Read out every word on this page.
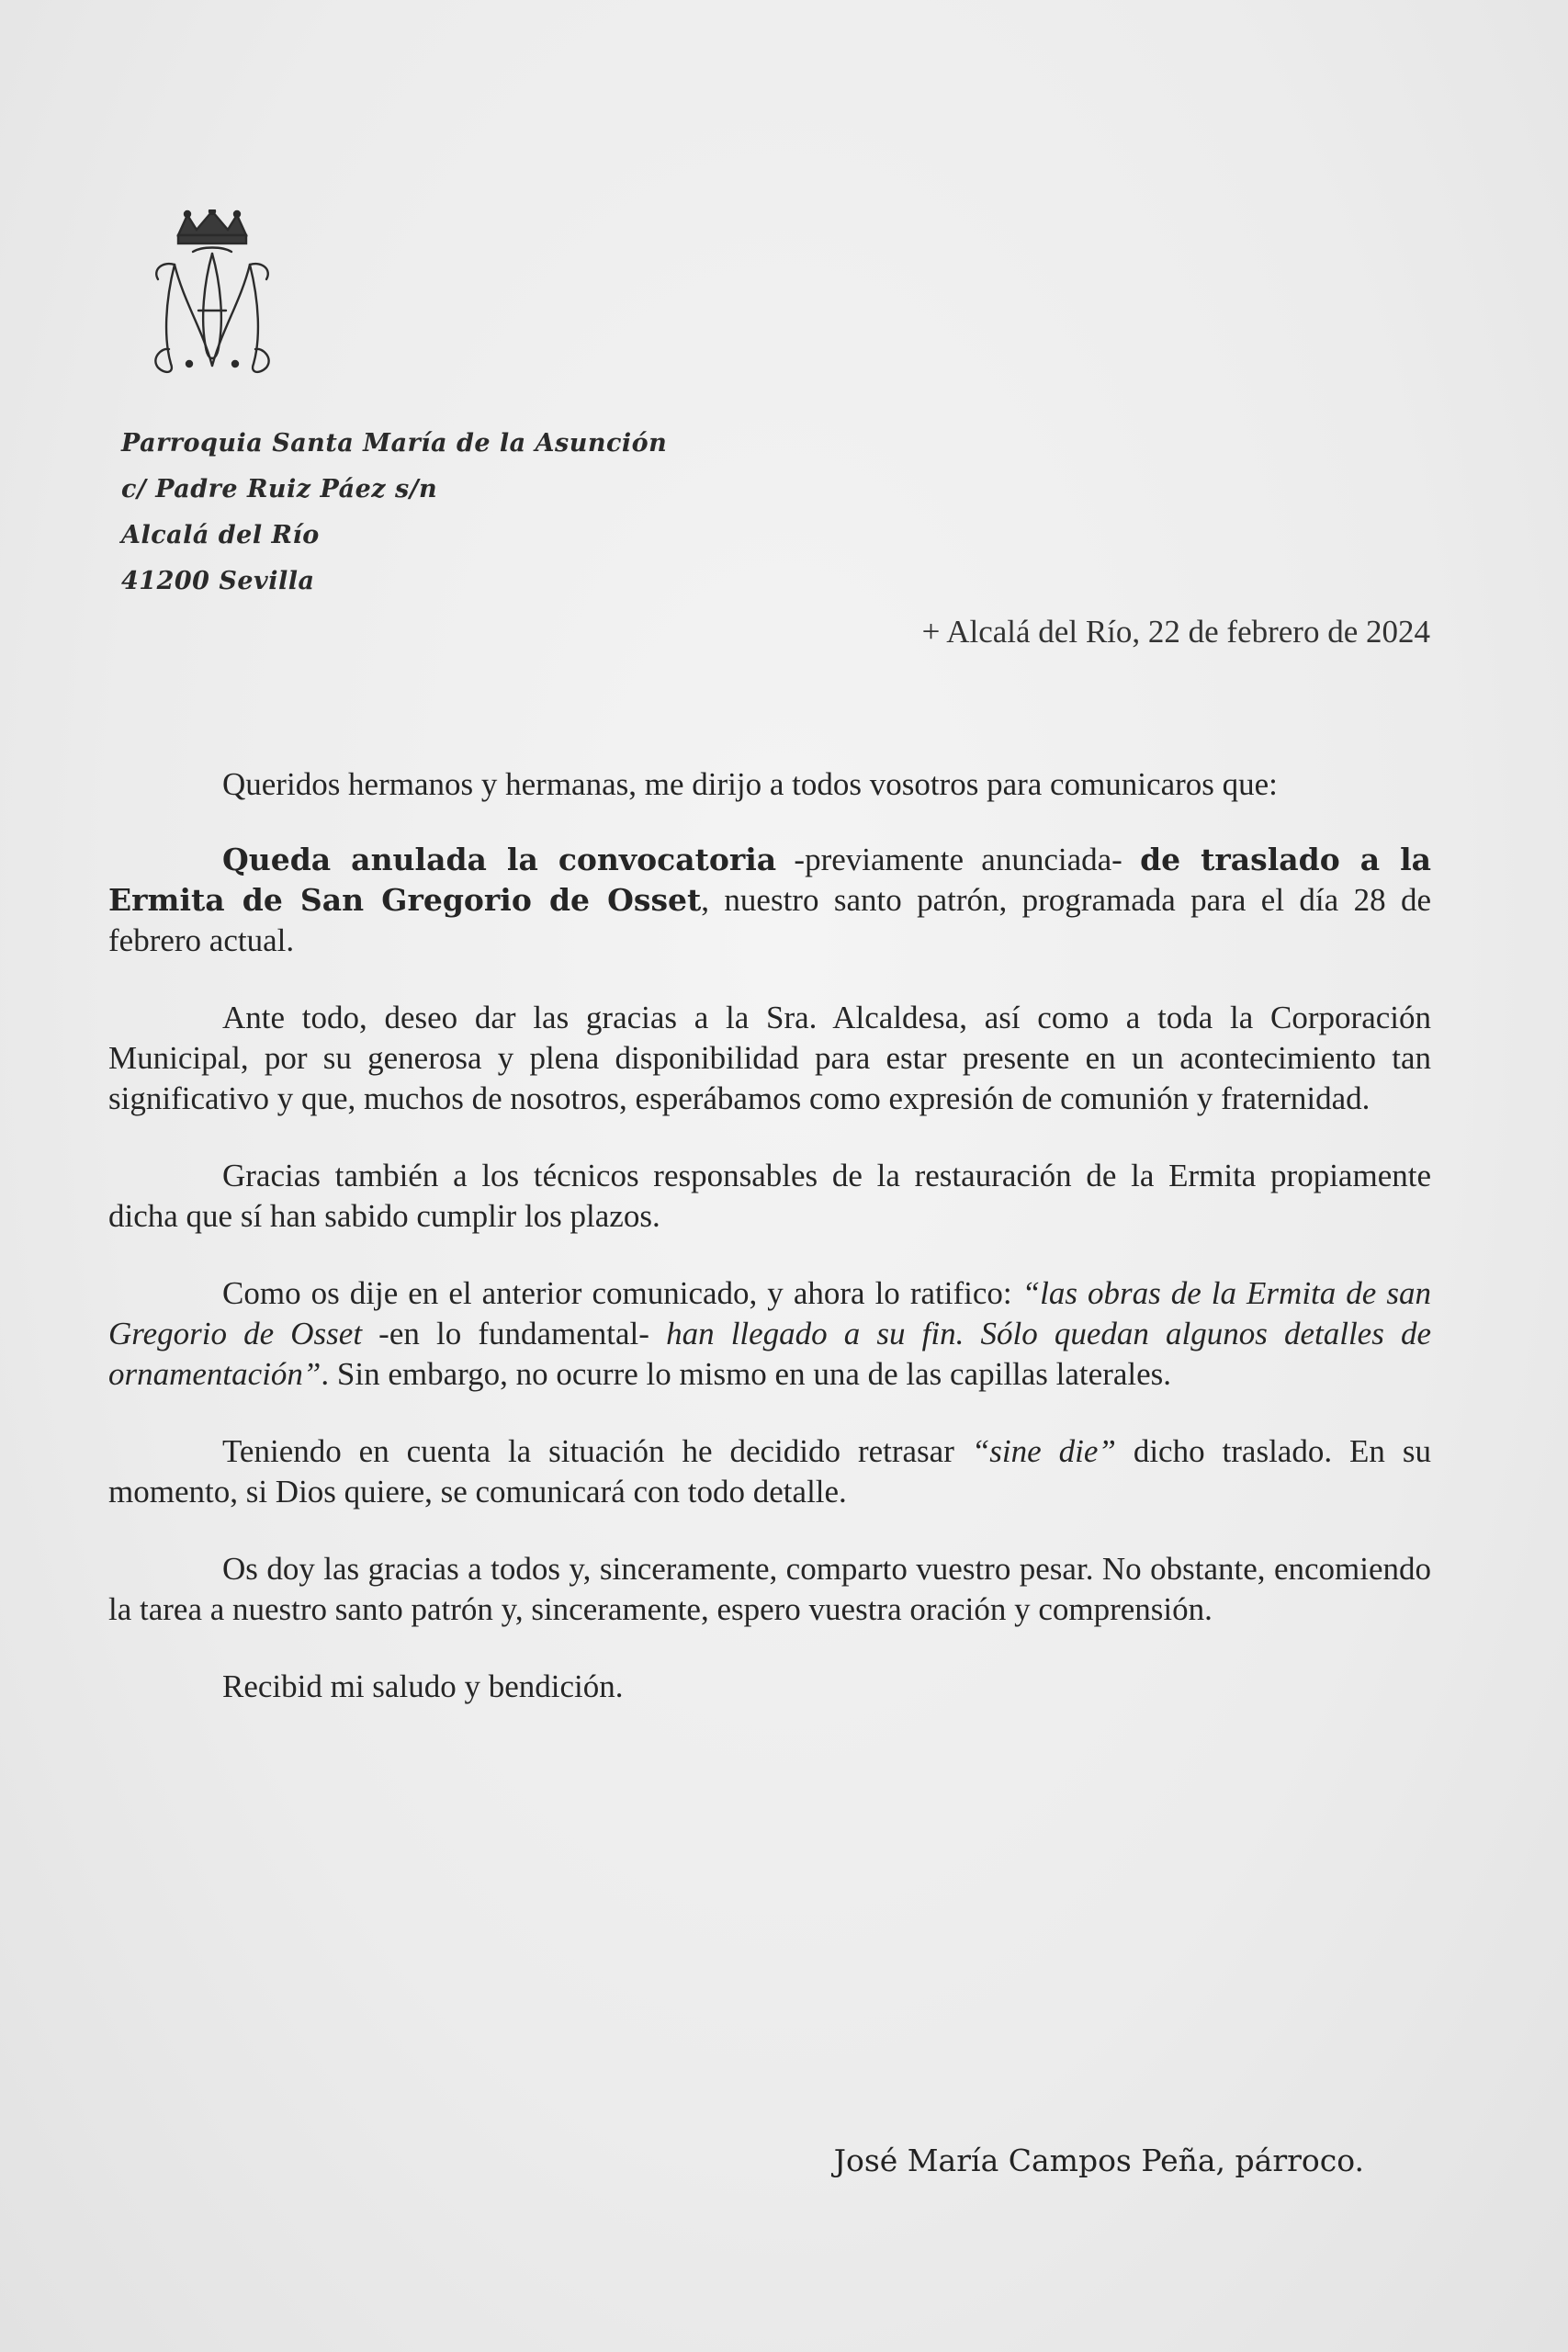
Parroquia Santa María de la Asunción
c/ Padre Ruiz Páez s/n
Alcalá del Río
41200 Sevilla
+ Alcalá del Río, 22 de febrero de 2024

Queridos hermanos y hermanas, me dirijo a todos vosotros para comunicaros que:

Queda anulada la convocatoria -previamente anunciada- de traslado a la Ermita de San Gregorio de Osset, nuestro santo patrón, programada para el día 28 de febrero actual.

Ante todo, deseo dar las gracias a la Sra. Alcaldesa, así como a toda la Corporación Municipal, por su generosa y plena disponibilidad para estar presente en un acontecimiento tan significativo y que, muchos de nosotros, esperábamos como expresión de comunión y fraternidad.

Gracias también a los técnicos responsables de la restauración de la Ermita propiamente dicha que sí han sabido cumplir los plazos.

Como os dije en el anterior comunicado, y ahora lo ratifico: “las obras de la Ermita de san Gregorio de Osset -en lo fundamental- han llegado a su fin. Sólo quedan algunos detalles de ornamentación”. Sin embargo, no ocurre lo mismo en una de las capillas laterales.

Teniendo en cuenta la situación he decidido retrasar “sine die” dicho traslado. En su momento, si Dios quiere, se comunicará con todo detalle.

Os doy las gracias a todos y, sinceramente, comparto vuestro pesar. No obstante, encomiendo la tarea a nuestro santo patrón y, sinceramente, espero vuestra oración y comprensión.

Recibid mi saludo y bendición.

José María Campos Peña, párroco.
